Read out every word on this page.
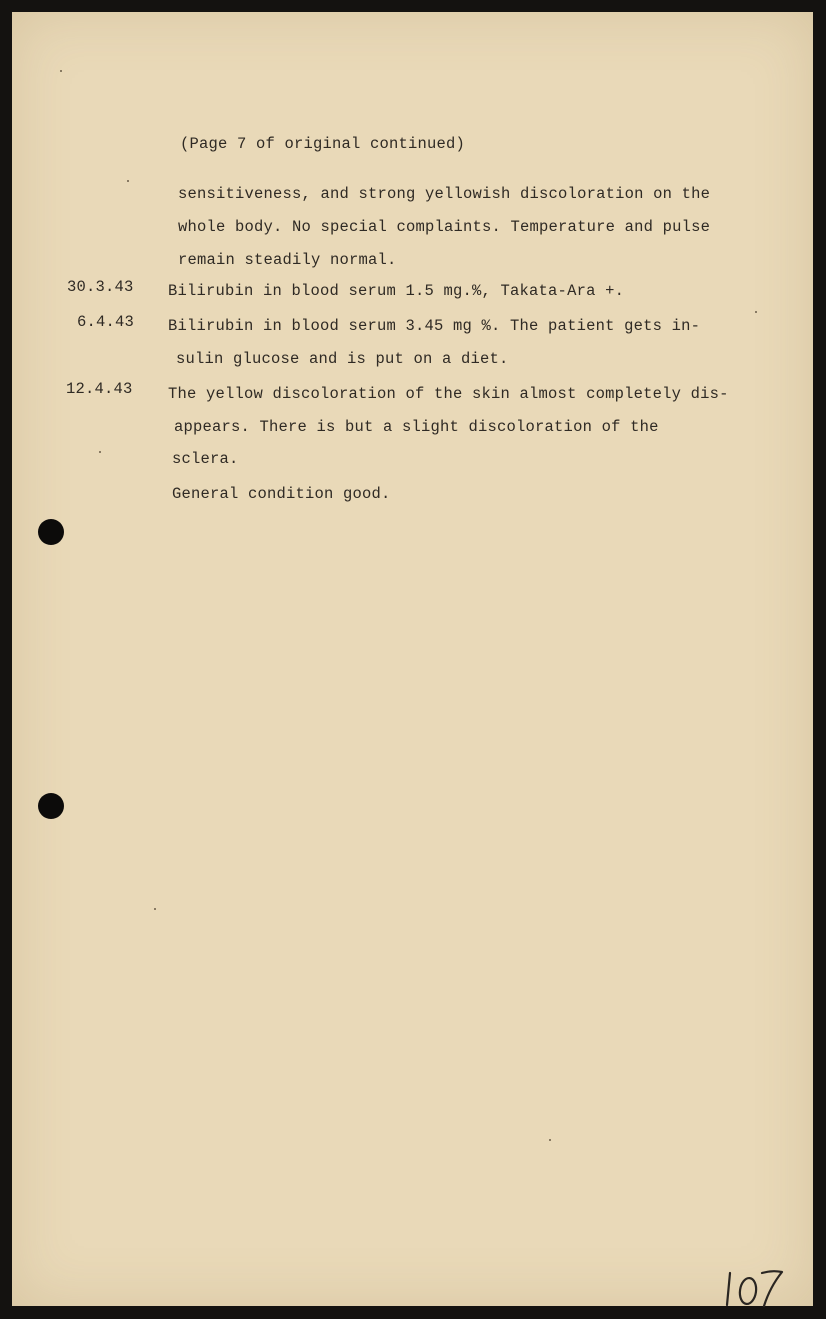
(Page 7 of original continued)
sensitiveness, and strong yellowish discoloration on the
whole body. No special complaints. Temperature and pulse
remain steadily normal.
30.3.43 Bilirubin in blood serum 1.5 mg.%, Takata-Ara +.
6.4.43 Bilirubin in blood serum 3.45 mg %. The patient gets in-
sulin glucose and is put on a diet.
12.4.43 The yellow discoloration of the skin almost completely dis-
appears. There is but a slight discoloration of the
sclera.
General condition good.
